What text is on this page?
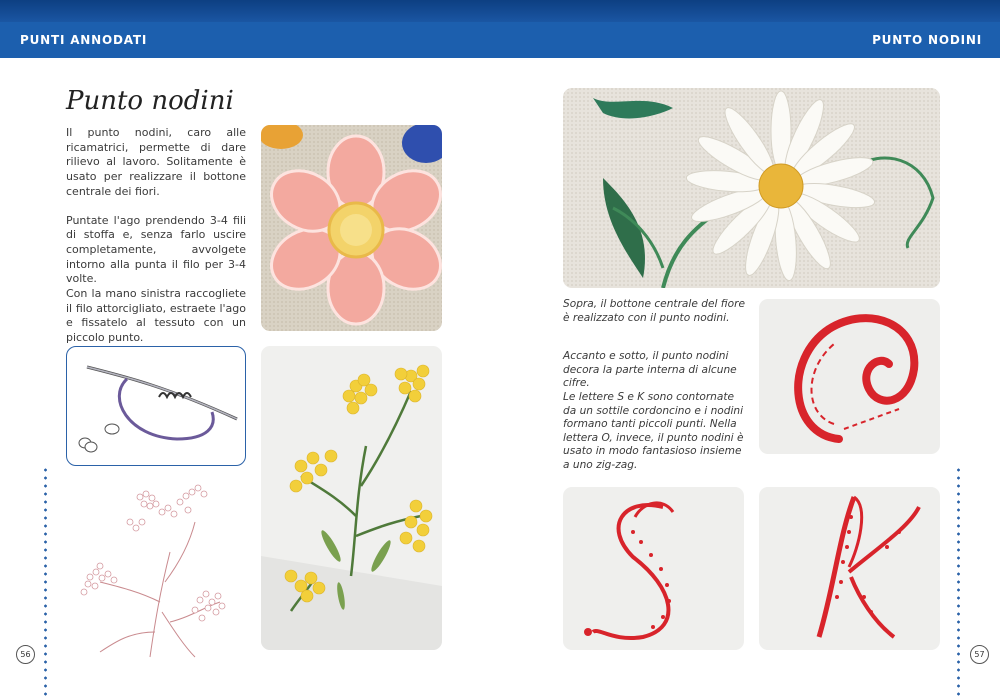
PUNTI ANNODATI	PUNTO NODINI
Punto nodini

Il punto nodini, caro alle ricamatrici, permette di dare rilievo al lavoro. Solitamente è usato per realizzare il bottone centrale dei fiori.

Puntate l'ago prendendo 3-4 fili di stoffa e, senza farlo uscire completamente, avvolgete intorno alla punta il filo per 3-4 volte.

Con la mano sinistra raccogliete il filo attorcigliato, estraete l'ago e fissatelo al tessuto con un piccolo punto.

56
Sopra, il bottone centrale del fiore è realizzato con il punto nodini.
Accanto e sotto, il punto nodini decora la parte interna di alcune cifre.
Le lettere S e K sono contornate da un sottile cordoncino e i nodini formano tanti piccoli punti. Nella lettera O, invece, il punto nodini è usato in modo fantasioso insieme a uno zig-zag.
57
